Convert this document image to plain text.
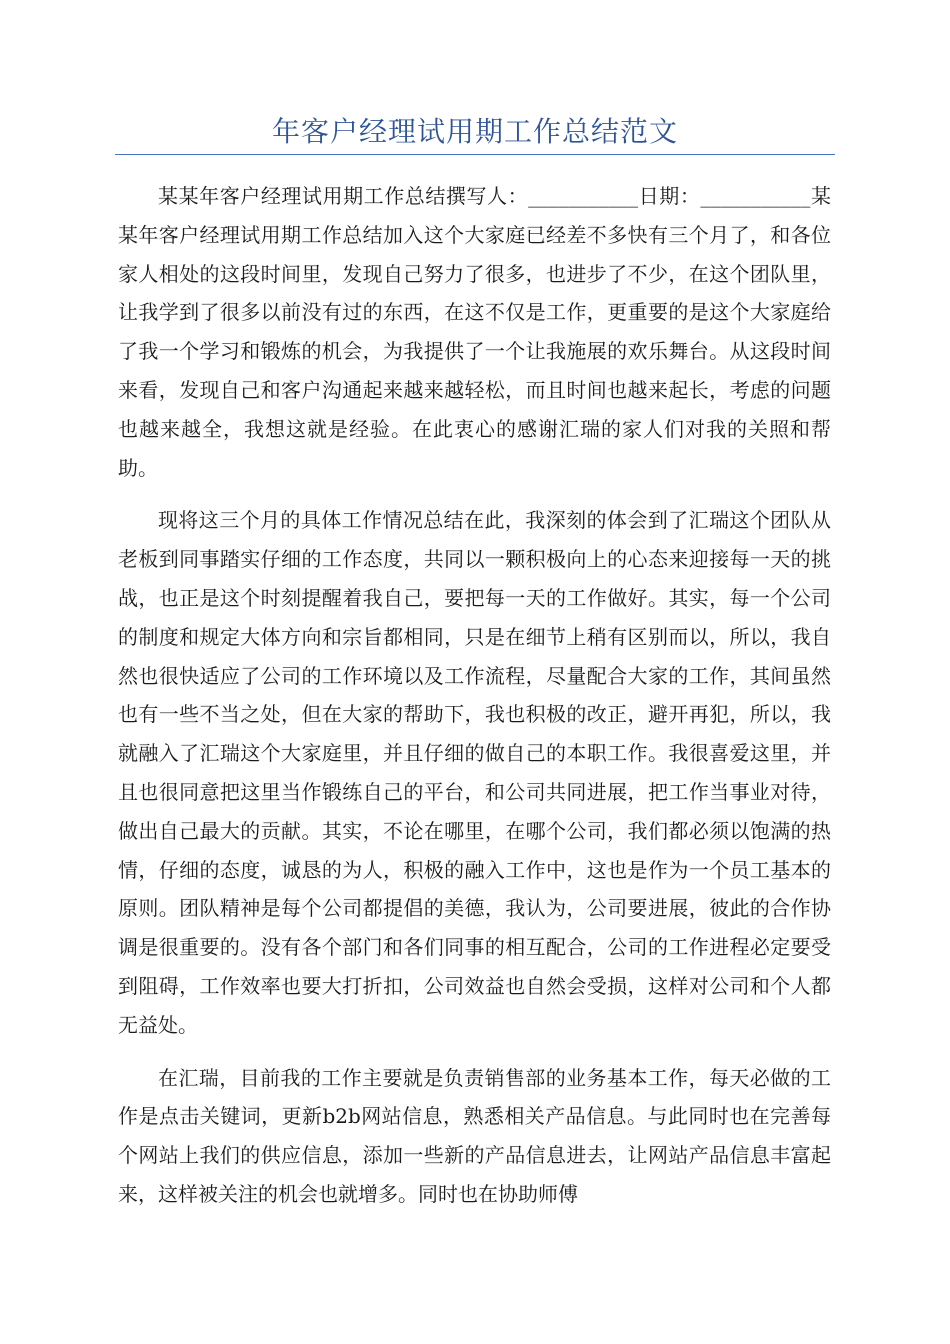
年客户经理试用期工作总结范文

某某年客户经理试用期工作总结撰写人：___________日期：___________某某年客户经理试用期工作总结加入这个大家庭已经差不多快有三个月了，和各位家人相处的这段时间里，发现自己努力了很多，也进步了不少，在这个团队里，让我学到了很多以前没有过的东西，在这不仅是工作，更重要的是这个大家庭给了我一个学习和锻炼的机会，为我提供了一个让我施展的欢乐舞台。从这段时间来看，发现自己和客户沟通起来越来越轻松，而且时间也越来起长，考虑的问题也越来越全，我想这就是经验。在此衷心的感谢汇瑞的家人们对我的关照和帮助。

现将这三个月的具体工作情况总结在此，我深刻的体会到了汇瑞这个团队从老板到同事踏实仔细的工作态度，共同以一颗积极向上的心态来迎接每一天的挑战，也正是这个时刻提醒着我自己，要把每一天的工作做好。其实，每一个公司的制度和规定大体方向和宗旨都相同，只是在细节上稍有区别而以，所以，我自然也很快适应了公司的工作环境以及工作流程，尽量配合大家的工作，其间虽然也有一些不当之处，但在大家的帮助下，我也积极的改正，避开再犯，所以，我就融入了汇瑞这个大家庭里，并且仔细的做自己的本职工作。我很喜爱这里，并且也很同意把这里当作锻练自己的平台，和公司共同进展，把工作当事业对待，做出自己最大的贡献。其实，不论在哪里，在哪个公司，我们都必须以饱满的热情，仔细的态度，诚恳的为人，积极的融入工作中，这也是作为一个员工基本的原则。团队精神是每个公司都提倡的美德，我认为，公司要进展，彼此的合作协调是很重要的。没有各个部门和各们同事的相互配合，公司的工作进程必定要受到阻碍，工作效率也要大打折扣，公司效益也自然会受损，这样对公司和个人都无益处。

在汇瑞，目前我的工作主要就是负责销售部的业务基本工作，每天必做的工作是点击关键词，更新b2b网站信息，熟悉相关产品信息。与此同时也在完善每个网站上我们的供应信息，添加一些新的产品信息进去，让网站产品信息丰富起来，这样被关注的机会也就增多。同时也在协助师傅
